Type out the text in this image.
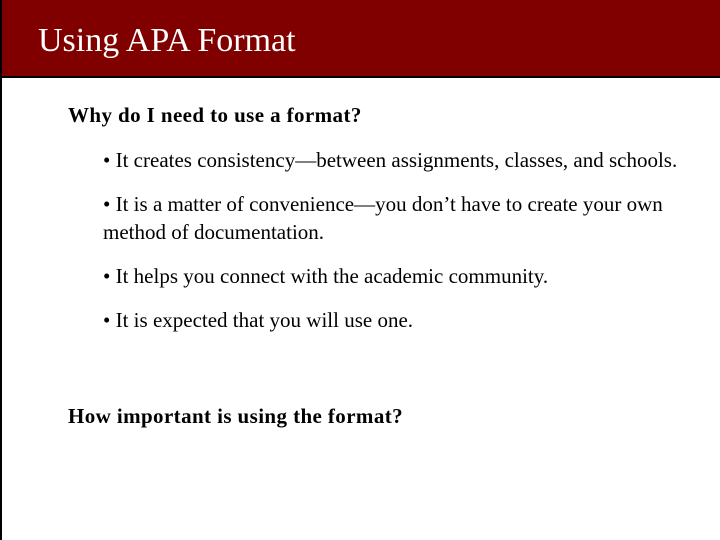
Using APA Format

Why do I need to use a format?

• It creates consistency—between assignments, classes, and schools.
• It is a matter of convenience—you don’t have to create your own method of documentation.
• It helps you connect with the academic community.
• It is expected that you will use one.

How important is using the format?
